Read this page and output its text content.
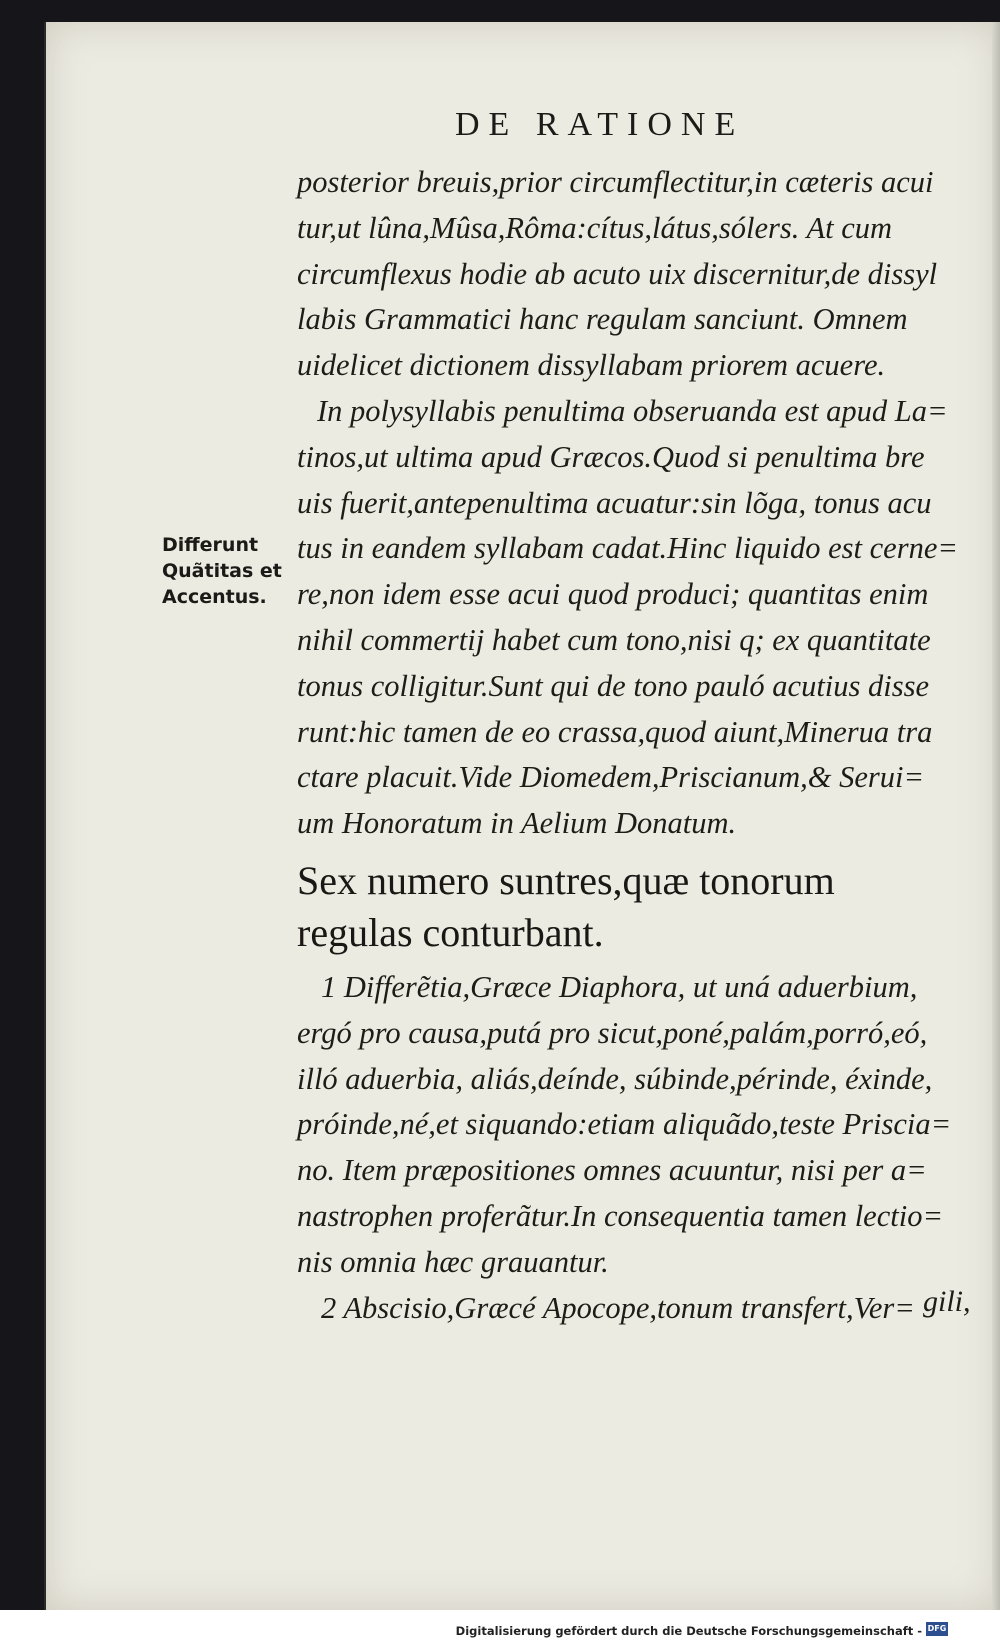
DE RATIONE
Differunt
Quãtitas et
Accentus.
posterior breuis,prior circumflectitur,in cæteris acui
tur,ut lûna,Mûsa,Rôma:cítus,látus,sólers. At cum
circumflexus hodie ab acuto uix discernitur,de dissyl
labis Grammatici hanc regulam sanciunt. Omnem
uidelicet dictionem dissyllabam priorem acuere.
In polysyllabis penultima obseruanda est apud La=
tinos,ut ultima apud Græcos.Quod si penultima bre
uis fuerit,antepenultima acuatur:sin lõga, tonus acu
tus in eandem syllabam cadat.Hinc liquido est cerne=
re,non idem esse acui quod produci; quantitas enim
nihil commertij habet cum tono,nisi q; ex quantitate
tonus colligitur.Sunt qui de tono pauló acutius disse
runt:hic tamen de eo crassa,quod aiunt,Minerua tra
ctare placuit.Vide Diomedem,Priscianum,& Serui=
um Honoratum in Aelium Donatum.
Sex numero suntres,quæ tonorum
regulas conturbant.
1 Differẽtia,Græce Diaphora, ut uná aduerbium,
ergó pro causa,putá pro sicut,poné,palám,porró,eó,
illó aduerbia, aliás,deínde, súbinde,périnde, éxinde,
próinde,né,et siquando:etiam aliquãdo,teste Priscia=
no. Item præpositiones omnes acuuntur, nisi per a=
nastrophen proferãtur.In consequentia tamen lectio=
nis omnia hæc grauantur.
2 Abscisio,Græcé Apocope,tonum transfert,Ver= gili,
Digitalisierung gefördert durch die Deutsche Forschungsgemeinschaft - DFG
